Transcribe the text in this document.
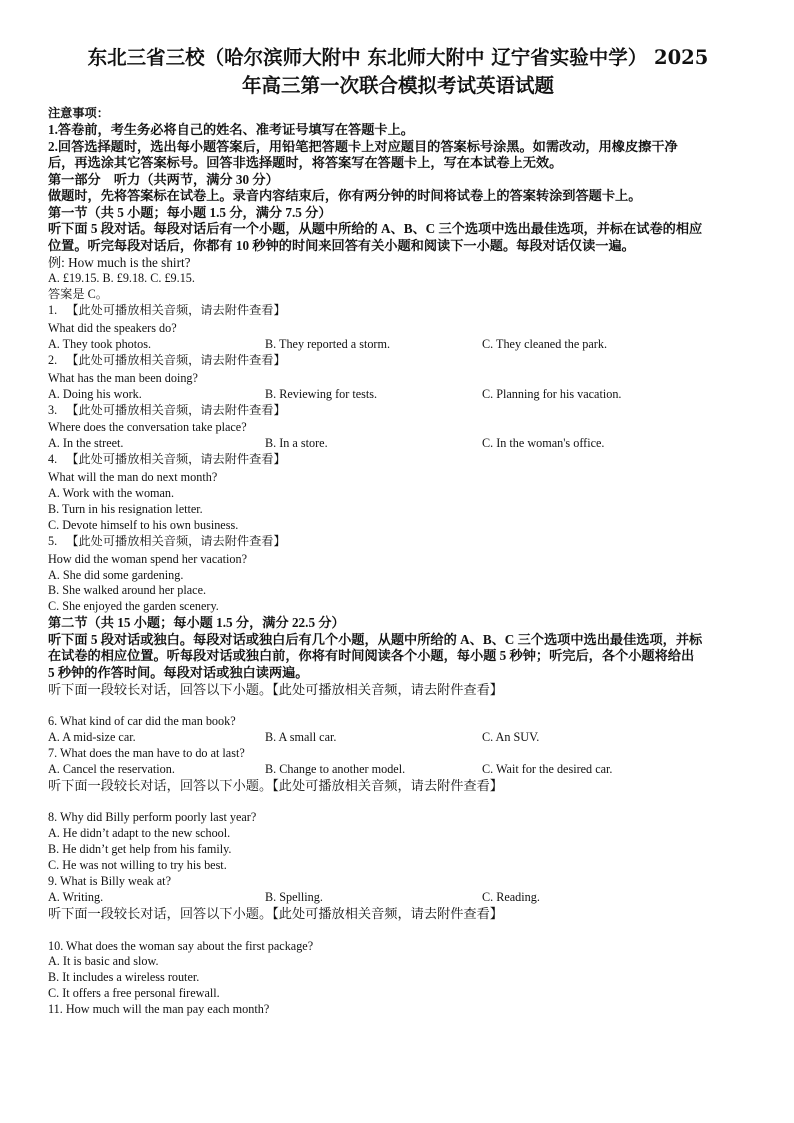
东北三省三校（哈尔滨师大附中 东北师大附中 辽宁省实验中学） 2025
年高三第一次联合模拟考试英语试题
注意事项：
1.答卷前，考生务必将自己的姓名、准考证号填写在答题卡上。
2.回答选择题时，选出每小题答案后，用铅笔把答题卡上对应题目的答案标号涂黑。如需改动，用橡皮擦干净
后，再选涂其它答案标号。回答非选择题时，将答案写在答题卡上，写在本试卷上无效。
第一部分　听力（共两节，满分 30 分）
做题时，先将答案标在试卷上。录音内容结束后，你有两分钟的时间将试卷上的答案转涂到答题卡上。
第一节（共 5 小题；每小题 1.5 分，满分 7.5 分）
听下面 5 段对话。每段对话后有一个小题，从题中所给的 A、B、C 三个选项中选出最佳选项，并标在试卷的相应
位置。听完每段对话后，你都有 10 秒钟的时间来回答有关小题和阅读下一小题。每段对话仅读一遍。
例: How much is the shirt?
A. £19.15. B. £9.18. C. £9.15.
答案是 C。
1. 【此处可播放相关音频，请去附件查看】
What did the speakers do?
A. They took photos.	B. They reported a storm.	C. They cleaned the park.
2. 【此处可播放相关音频，请去附件查看】
What has the man been doing?
A. Doing his work.	B. Reviewing for tests.	C. Planning for his vacation.
3. 【此处可播放相关音频，请去附件查看】
Where does the conversation take place?
A. In the street.	B. In a store.	C. In the woman's office.
4. 【此处可播放相关音频，请去附件查看】
What will the man do next month?
A. Work with the woman.
B. Turn in his resignation letter.
C. Devote himself to his own business.
5. 【此处可播放相关音频，请去附件查看】
How did the woman spend her vacation?
A. She did some gardening.
B. She walked around her place.
C. She enjoyed the garden scenery.
第二节（共 15 小题；每小题 1.5 分，满分 22.5 分）
听下面 5 段对话或独白。每段对话或独白后有几个小题，从题中所给的 A、B、C 三个选项中选出最佳选项，并标
在试卷的相应位置。听每段对话或独白前，你将有时间阅读各个小题，每小题 5 秒钟；听完后，各个小题将给出
5 秒钟的作答时间。每段对话或独白读两遍。
听下面一段较长对话，回答以下小题。【此处可播放相关音频，请去附件查看】
6. What kind of car did the man book?
A. A mid-size car.	B. A small car.	C. An SUV.
7. What does the man have to do at last?
A. Cancel the reservation.	B. Change to another model.	C. Wait for the desired car.
听下面一段较长对话，回答以下小题。【此处可播放相关音频，请去附件查看】
8. Why did Billy perform poorly last year?
A. He didn’t adapt to the new school.
B. He didn’t get help from his family.
C. He was not willing to try his best.
9. What is Billy weak at?
A. Writing.	B. Spelling.	C. Reading.
听下面一段较长对话，回答以下小题。【此处可播放相关音频，请去附件查看】
10. What does the woman say about the first package?
A. It is basic and slow.
B. It includes a wireless router.
C. It offers a free personal firewall.
11. How much will the man pay each month?
